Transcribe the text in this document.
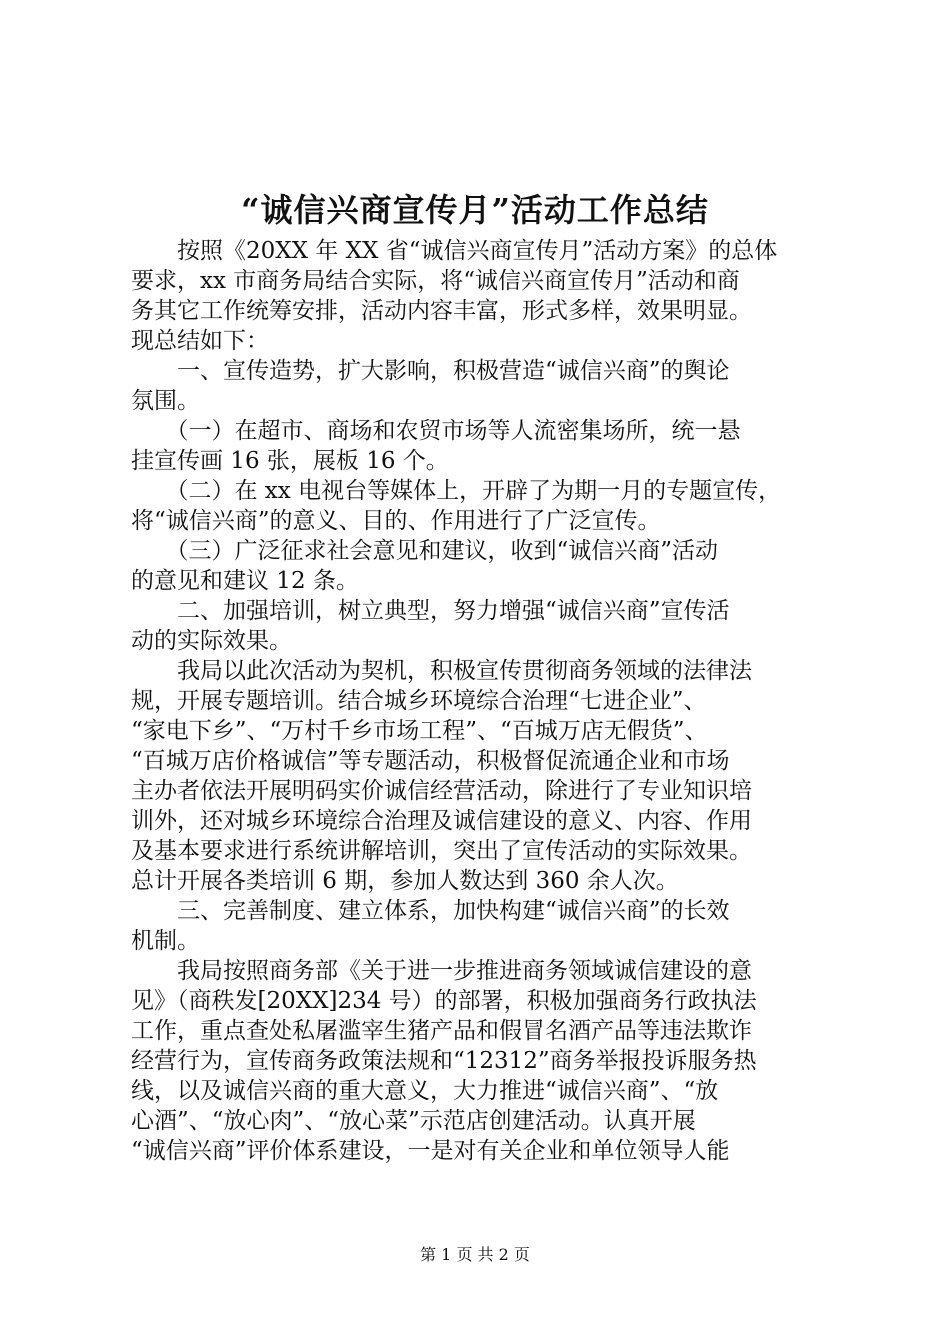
“诚信兴商宣传月”活动工作总结
　　按照《20XX 年 XX 省“诚信兴商宣传月”活动方案》的总体
要求，xx 市商务局结合实际，将“诚信兴商宣传月”活动和商
务其它工作统筹安排，活动内容丰富，形式多样，效果明显。
现总结如下：
　　一、宣传造势，扩大影响，积极营造“诚信兴商”的舆论
氛围。
　　（一）在超市、商场和农贸市场等人流密集场所，统一悬
挂宣传画 16 张，展板 16 个。
　　（二）在 xx 电视台等媒体上，开辟了为期一月的专题宣传，
将“诚信兴商”的意义、目的、作用进行了广泛宣传。
　　（三）广泛征求社会意见和建议，收到“诚信兴商”活动
的意见和建议 12 条。
　　二、加强培训，树立典型，努力增强“诚信兴商”宣传活
动的实际效果。
　　我局以此次活动为契机，积极宣传贯彻商务领域的法律法
规，开展专题培训。结合城乡环境综合治理“七进企业”、
“家电下乡”、“万村千乡市场工程”、“百城万店无假货”、
“百城万店价格诚信”等专题活动，积极督促流通企业和市场
主办者依法开展明码实价诚信经营活动，除进行了专业知识培
训外，还对城乡环境综合治理及诚信建设的意义、内容、作用
及基本要求进行系统讲解培训，突出了宣传活动的实际效果。
总计开展各类培训 6 期，参加人数达到 360 余人次。
　　三、完善制度、建立体系，加快构建“诚信兴商”的长效
机制。
　　我局按照商务部《关于进一步推进商务领域诚信建设的意
见》（商秩发[20XX]234 号）的部署，积极加强商务行政执法
工作，重点查处私屠滥宰生猪产品和假冒名酒产品等违法欺诈
经营行为，宣传商务政策法规和“12312”商务举报投诉服务热
线，以及诚信兴商的重大意义，大力推进“诚信兴商”、“放
心酒”、“放心肉”、“放心菜”示范店创建活动。认真开展
“诚信兴商”评价体系建设，一是对有关企业和单位领导人能
第 1 页 共 2 页
